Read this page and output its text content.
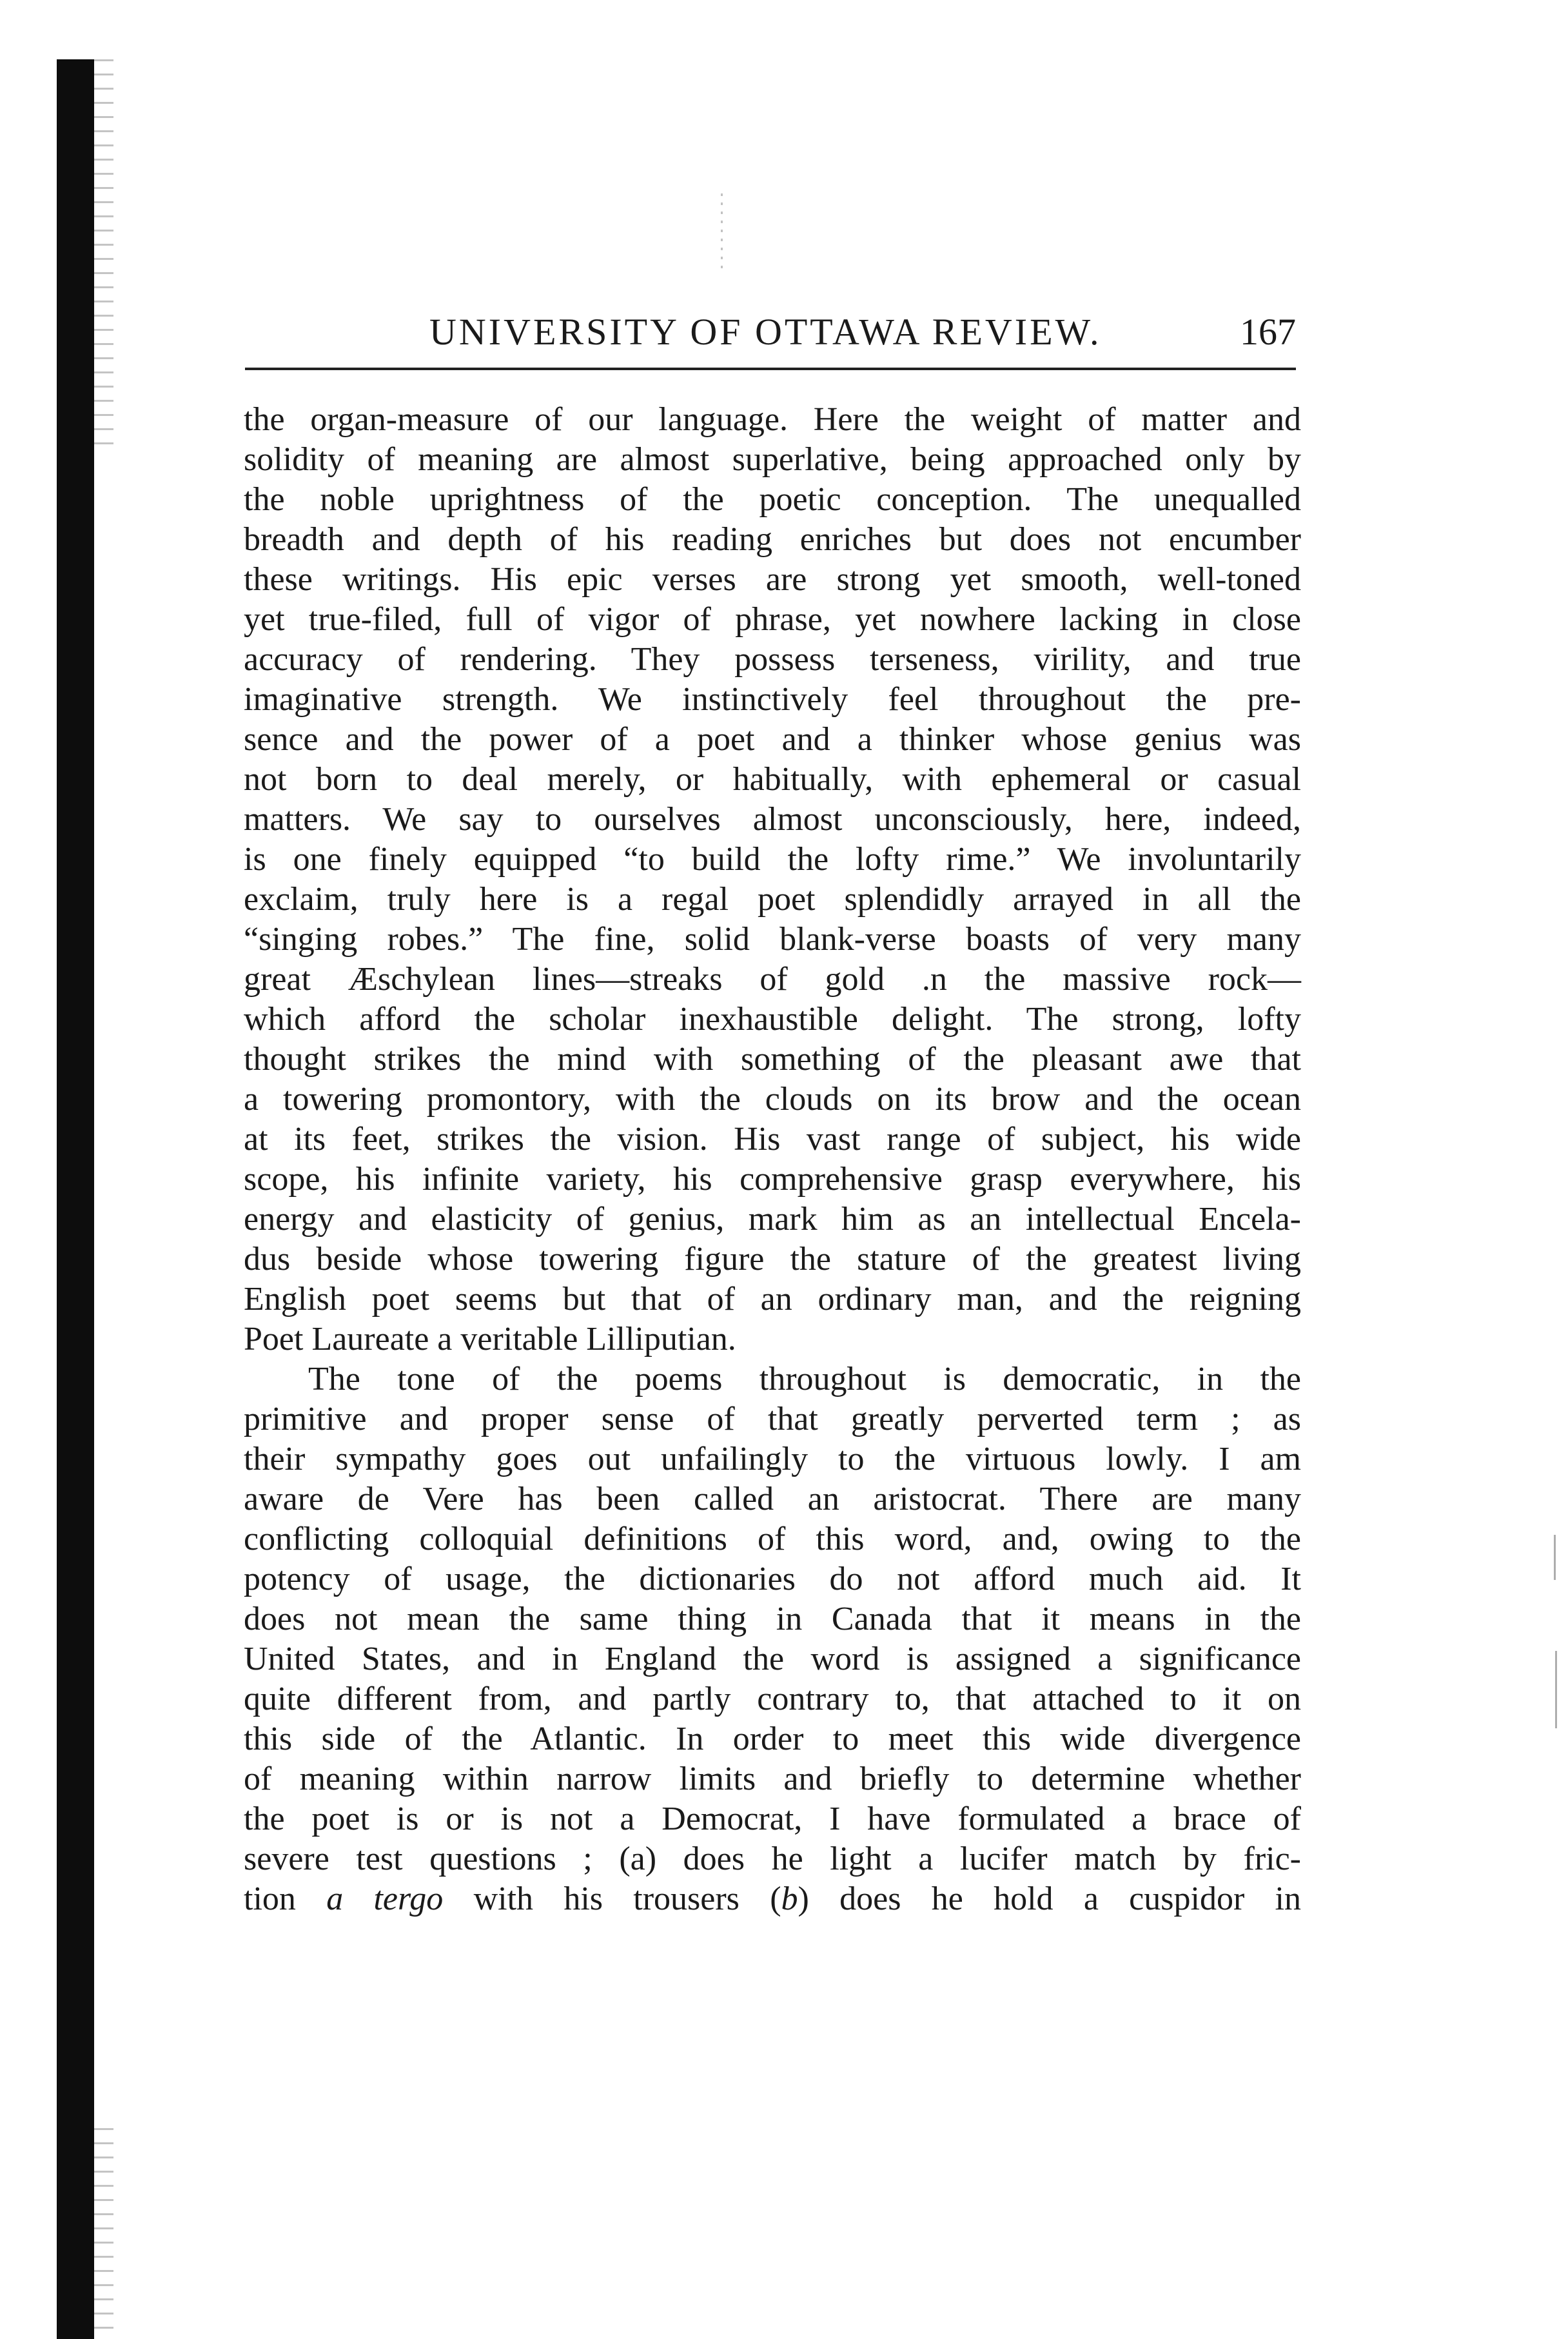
UNIVERSITY OF OTTAWA REVIEW.	167
the organ-measure of our language. Here the weight of matter and
solidity of meaning are almost superlative, being approached only by
the noble uprightness of the poetic conception. The unequalled
breadth and depth of his reading enriches but does not encumber
these writings. His epic verses are strong yet smooth, well-toned
yet true-filed, full of vigor of phrase, yet nowhere lacking in close
accuracy of rendering. They possess terseness, virility, and true
imaginative strength. We instinctively feel throughout the pre-
sence and the power of a poet and a thinker whose genius was
not born to deal merely, or habitually, with ephemeral or casual
matters. We say to ourselves almost unconsciously, here, indeed,
is one finely equipped “to build the lofty rime.” We involuntarily
exclaim, truly here is a regal poet splendidly arrayed in all the
“singing robes.” The fine, solid blank-verse boasts of very many
great Æschylean lines—streaks of gold .n the massive rock—
which afford the scholar inexhaustible delight. The strong, lofty
thought strikes the mind with something of the pleasant awe that
a towering promontory, with the clouds on its brow and the ocean
at its feet, strikes the vision. His vast range of subject, his wide
scope, his infinite variety, his comprehensive grasp everywhere, his
energy and elasticity of genius, mark him as an intellectual Encela-
dus beside whose towering figure the stature of the greatest living
English poet seems but that of an ordinary man, and the reigning
Poet Laureate a veritable Lilliputian.
The tone of the poems throughout is democratic, in the
primitive and proper sense of that greatly perverted term ; as
their sympathy goes out unfailingly to the virtuous lowly. I am
aware de Vere has been called an aristocrat. There are many
conflicting colloquial definitions of this word, and, owing to the
potency of usage, the dictionaries do not afford much aid. It
does not mean the same thing in Canada that it means in the
United States, and in England the word is assigned a significance
quite different from, and partly contrary to, that attached to it on
this side of the Atlantic. In order to meet this wide divergence
of meaning within narrow limits and briefly to determine whether
the poet is or is not a Democrat, I have formulated a brace of
severe test questions ; (a) does he light a lucifer match by fric-
tion a tergo with his trousers (b) does he hold a cuspidor in
